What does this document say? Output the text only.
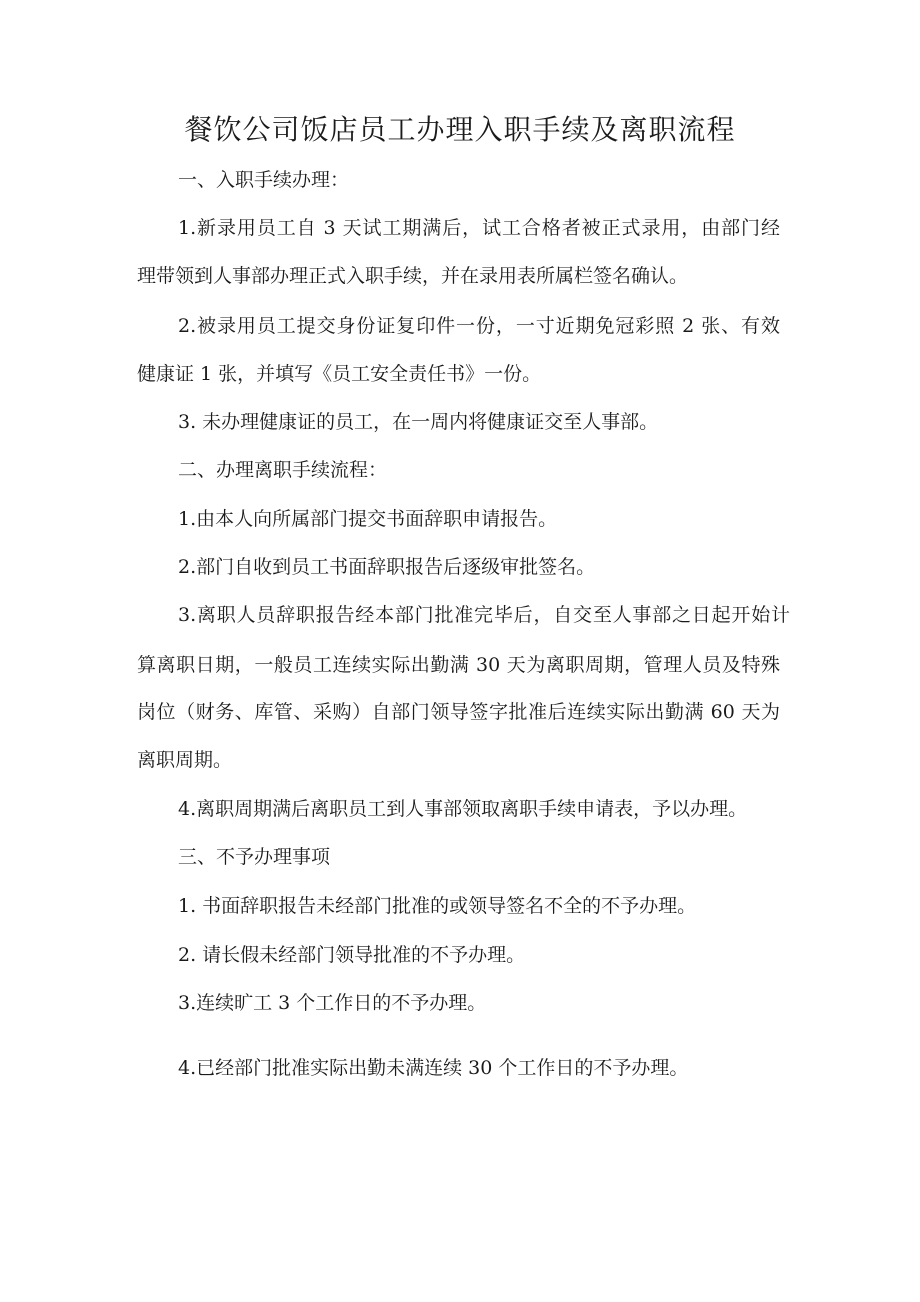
餐饮公司饭店员工办理入职手续及离职流程

一、入职手续办理：

1.新录用员工自 3 天试工期满后，试工合格者被正式录用，由部门经

理带领到人事部办理正式入职手续，并在录用表所属栏签名确认。

2.被录用员工提交身份证复印件一份，一寸近期免冠彩照 2 张、有效

健康证 1 张，并填写《员工安全责任书》一份。

3. 未办理健康证的员工，在一周内将健康证交至人事部。

二、办理离职手续流程：

1.由本人向所属部门提交书面辞职申请报告。

2.部门自收到员工书面辞职报告后逐级审批签名。

3.离职人员辞职报告经本部门批准完毕后，自交至人事部之日起开始计

算离职日期，一般员工连续实际出勤满 30 天为离职周期，管理人员及特殊

岗位（财务、库管、采购）自部门领导签字批准后连续实际出勤满 60 天为

离职周期。

4.离职周期满后离职员工到人事部领取离职手续申请表，予以办理。

三、不予办理事项

1. 书面辞职报告未经部门批准的或领导签名不全的不予办理。

2. 请长假未经部门领导批准的不予办理。

3.连续旷工 3 个工作日的不予办理。

4.已经部门批准实际出勤未满连续 30 个工作日的不予办理。
